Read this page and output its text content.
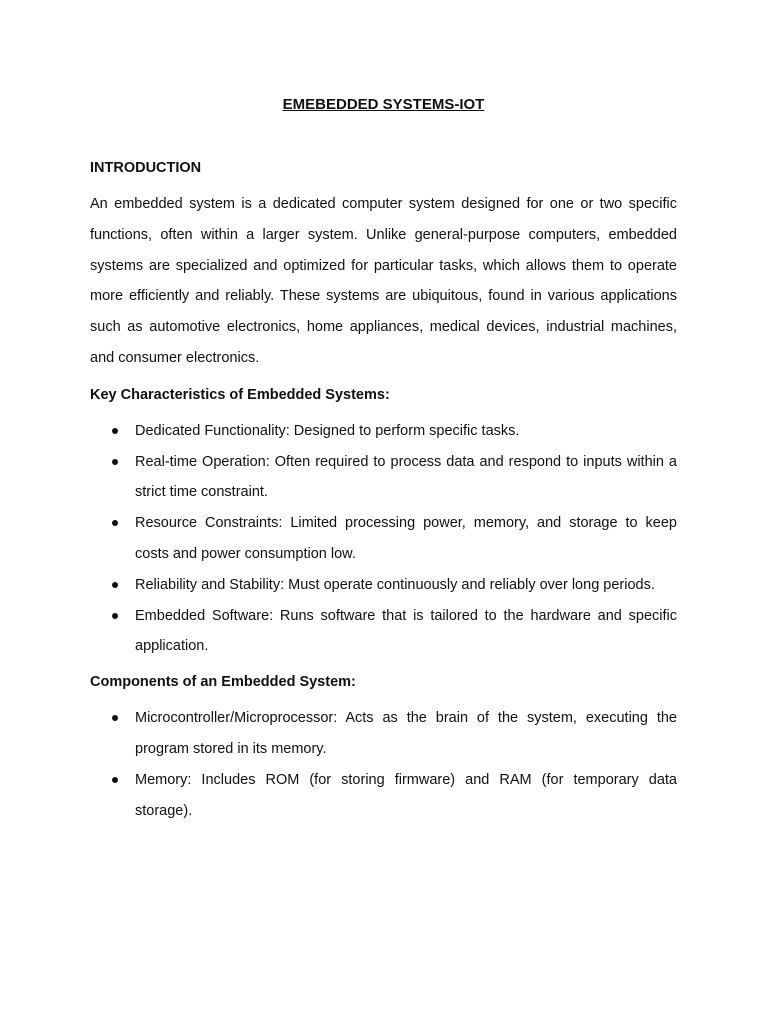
EMEBEDDED SYSTEMS-IOT
INTRODUCTION

An embedded system is a dedicated computer system designed for one or two specific functions, often within a larger system. Unlike general-purpose computers, embedded systems are specialized and optimized for particular tasks, which allows them to operate more efficiently and reliably. These systems are ubiquitous, found in various applications such as automotive electronics, home appliances, medical devices, industrial machines, and consumer electronics.

Key Characteristics of Embedded Systems:
Dedicated Functionality: Designed to perform specific tasks.
Real-time Operation: Often required to process data and respond to inputs within a strict time constraint.
Resource Constraints: Limited processing power, memory, and storage to keep costs and power consumption low.
Reliability and Stability: Must operate continuously and reliably over long periods.
Embedded Software: Runs software that is tailored to the hardware and specific application.
Components of an Embedded System:
Microcontroller/Microprocessor: Acts as the brain of the system, executing the program stored in its memory.
Memory: Includes ROM (for storing firmware) and RAM (for temporary data storage).
